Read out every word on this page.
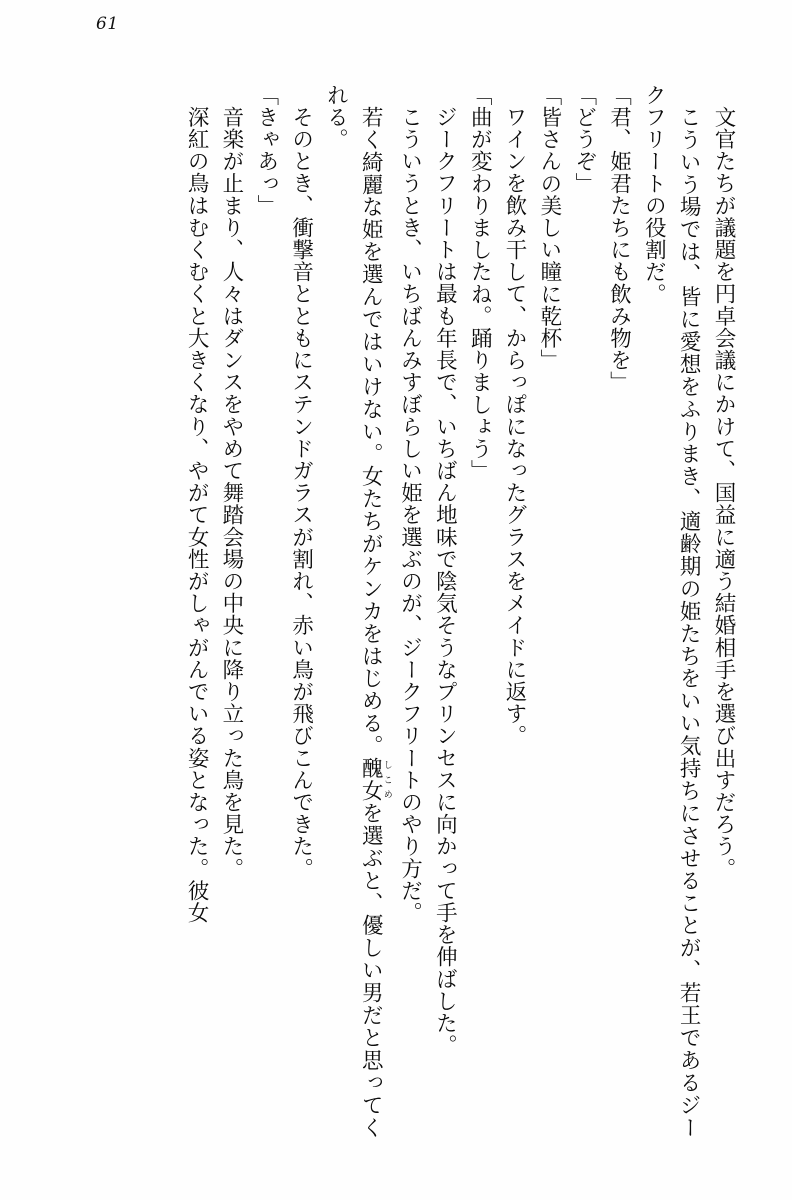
61

文官たちが議題を円卓会議にかけて、国益に適う結婚相手を選び出すだろう。

こういう場では、皆に愛想をふりまき、適齢期の姫たちをいい気持ちにさせることが、若王であるジークフリートの役割だ。

「君、姫君たちにも飲み物を」

「どうぞ」

「皆さんの美しい瞳に乾杯」

ワインを飲み干して、からっぽになったグラスをメイドに返す。

「曲が変わりましたね。踊りましょう」

ジークフリートは最も年長で、いちばん地味で陰気そうなプリンセスに向かって手を伸ばした。

こういうとき、いちばんみすぼらしい姫を選ぶのが、ジークフリートのやり方だ。

若く綺麗な姫を選んではいけない。女たちがケンカをはじめる。醜女しこめを選ぶと、優しい男だと思ってくれる。

そのとき、衝撃音とともにステンドガラスが割れ、赤い鳥が飛びこんできた。

「きゃあっ」

音楽が止まり、人々はダンスをやめて舞踏会場の中央に降り立った鳥を見た。

深紅の鳥はむくむくと大きくなり、やがて女性がしゃがんでいる姿となった。彼女
